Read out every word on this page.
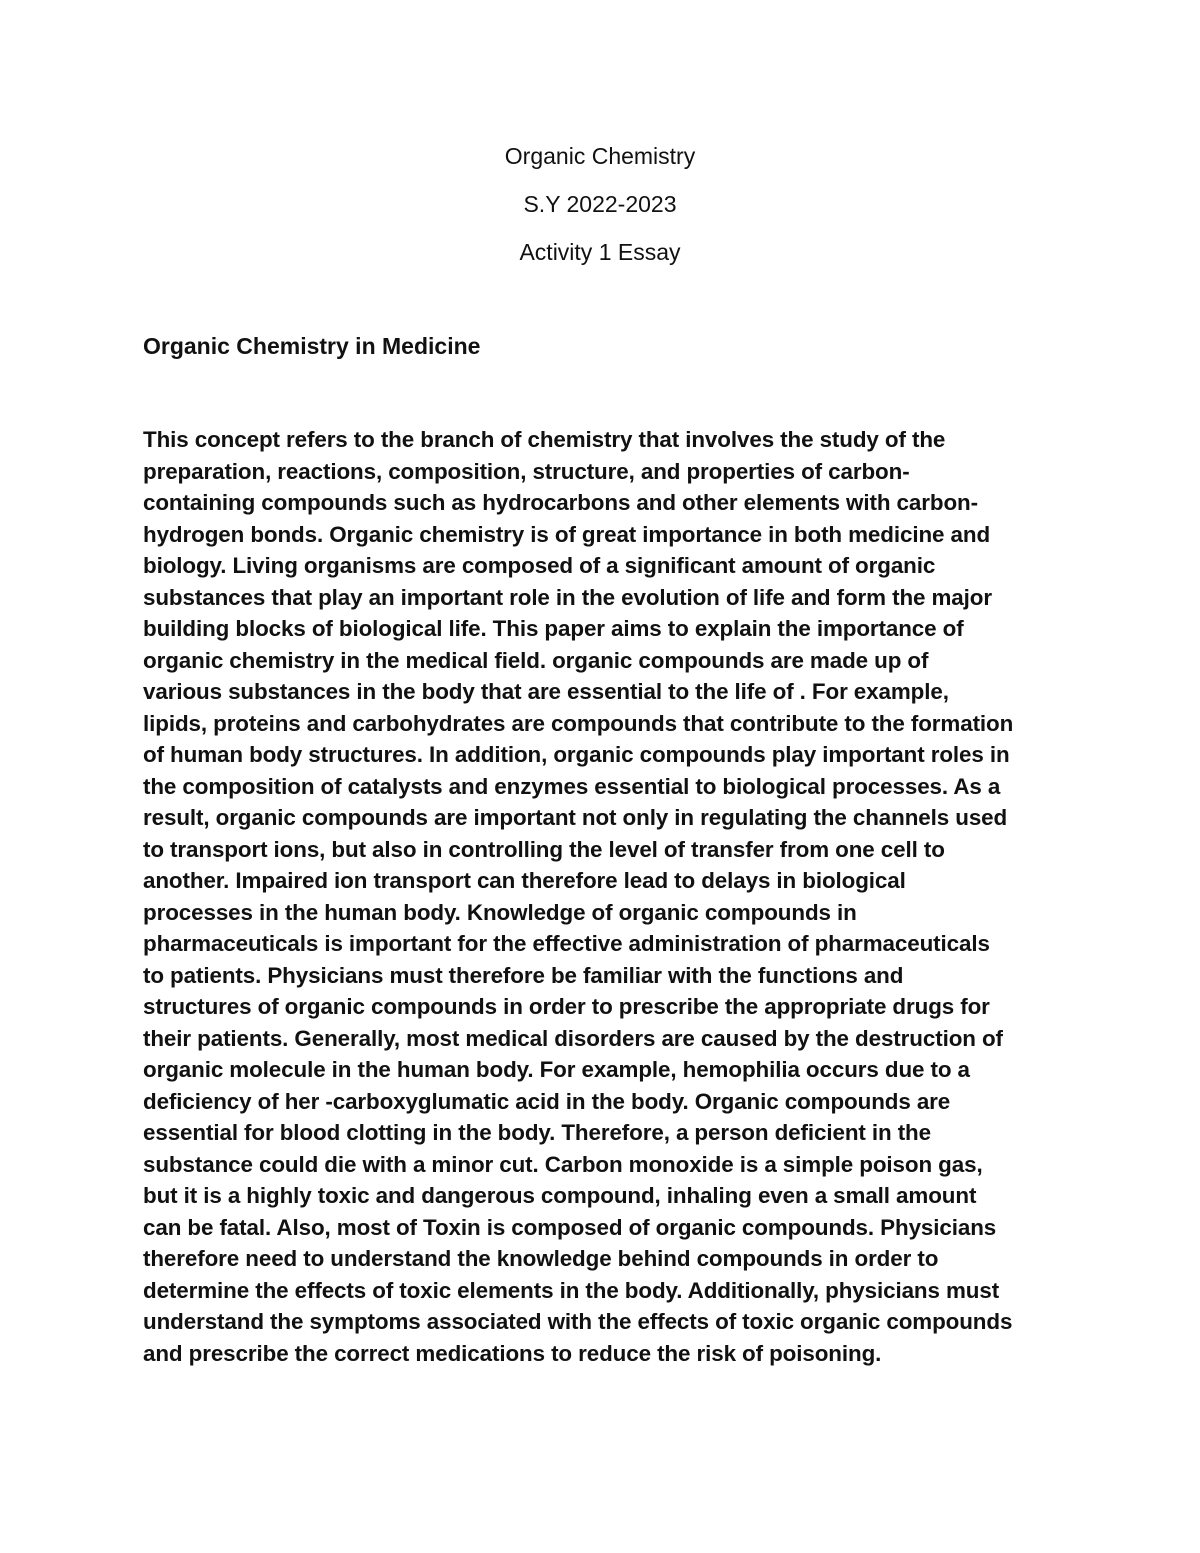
Organic Chemistry

S.Y 2022-2023

Activity 1 Essay

Organic Chemistry in Medicine

This concept refers to the branch of chemistry that involves the study of the
preparation, reactions, composition, structure, and properties of carbon-
containing compounds such as hydrocarbons and other elements with carbon-
hydrogen bonds. Organic chemistry is of great importance in both medicine and
biology. Living organisms are composed of a significant amount of organic
substances that play an important role in the evolution of life and form the major
building blocks of biological life. This paper aims to explain the importance of
organic chemistry in the medical field. organic compounds are made up of
various substances in the body that are essential to the life of . For example,
lipids, proteins and carbohydrates are compounds that contribute to the formation
of human body structures. In addition, organic compounds play important roles in
the composition of catalysts and enzymes essential to biological processes. As a
result, organic compounds are important not only in regulating the channels used
to transport ions, but also in controlling the level of transfer from one cell to
another. Impaired ion transport can therefore lead to delays in biological
processes in the human body. Knowledge of organic compounds in
pharmaceuticals is important for the effective administration of pharmaceuticals
to patients. Physicians must therefore be familiar with the functions and
structures of organic compounds in order to prescribe the appropriate drugs for
their patients. Generally, most medical disorders are caused by the destruction of
organic molecule in the human body. For example, hemophilia occurs due to a
deficiency of her -carboxyglumatic acid in the body. Organic compounds are
essential for blood clotting in the body. Therefore, a person deficient in the
substance could die with a minor cut. Carbon monoxide is a simple poison gas,
but it is a highly toxic and dangerous compound, inhaling even a small amount
can be fatal. Also, most of Toxin is composed of organic compounds. Physicians
therefore need to understand the knowledge behind compounds in order to
determine the effects of toxic elements in the body. Additionally, physicians must
understand the symptoms associated with the effects of toxic organic compounds
and prescribe the correct medications to reduce the risk of poisoning.
